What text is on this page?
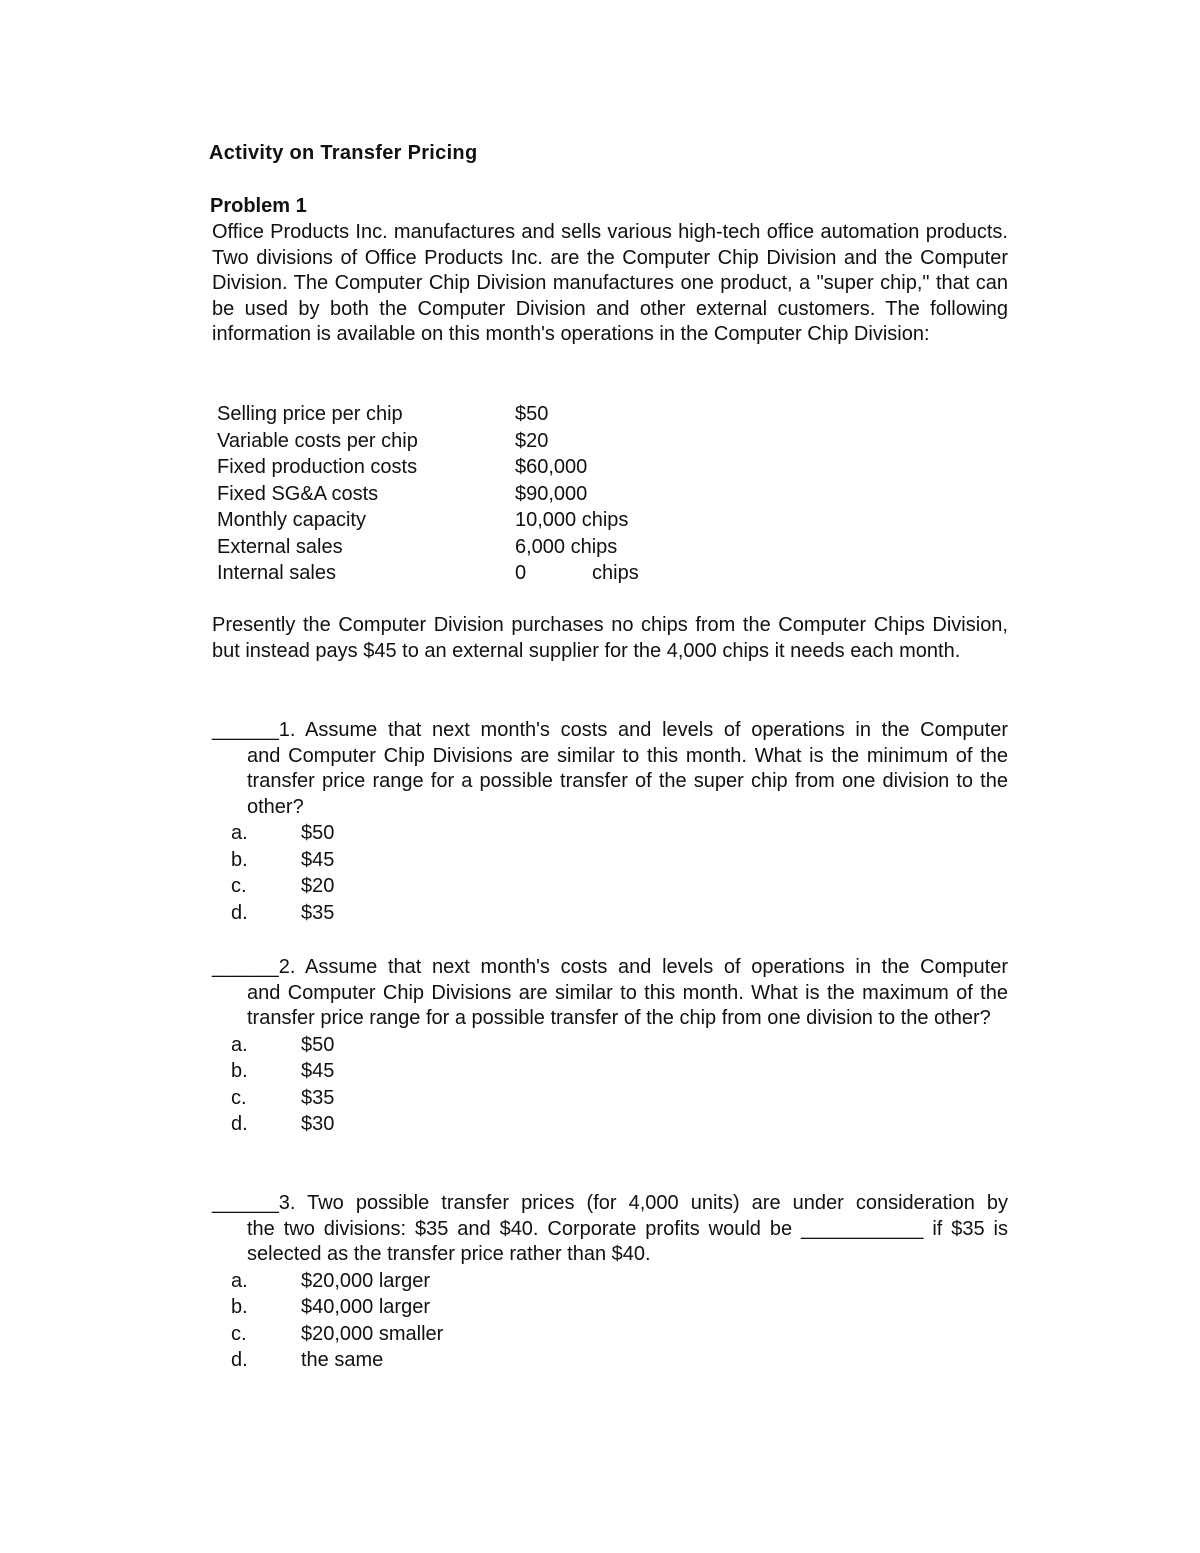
Activity on Transfer Pricing
Problem 1
Office Products Inc. manufactures and sells various high-tech office automation products. Two divisions of Office Products Inc. are the Computer Chip Division and the Computer Division. The Computer Chip Division manufactures one product, a "super chip," that can be used by both the Computer Division and other external customers. The following information is available on this month's operations in the Computer Chip Division:
Selling price per chip	$50
Variable costs per chip	$20
Fixed production costs	$60,000
Fixed SG&A costs	$90,000
Monthly capacity	10,000 chips
External sales	6,000 chips
Internal sales	0	chips
Presently the Computer Division purchases no chips from the Computer Chips Division, but instead pays $45 to an external supplier for the 4,000 chips it needs each month.
______1. Assume that next month's costs and levels of operations in the Computer
and Computer Chip Divisions are similar to this month. What is the minimum of the transfer price range for a possible transfer of the super chip from one division to the other?
a.	$50
b.	$45
c.	$20
d.	$35
______2. Assume that next month's costs and levels of operations in the Computer
and Computer Chip Divisions are similar to this month. What is the maximum of the transfer price range for a possible transfer of the chip from one division to the other?
a.	$50
b.	$45
c.	$35
d.	$30
______3. Two possible transfer prices (for 4,000 units) are under consideration by
the two divisions: $35 and $40. Corporate profits would be ___________ if $35 is selected as the transfer price rather than $40.
a.	$20,000 larger
b.	$40,000 larger
c.	$20,000 smaller
d.	the same
